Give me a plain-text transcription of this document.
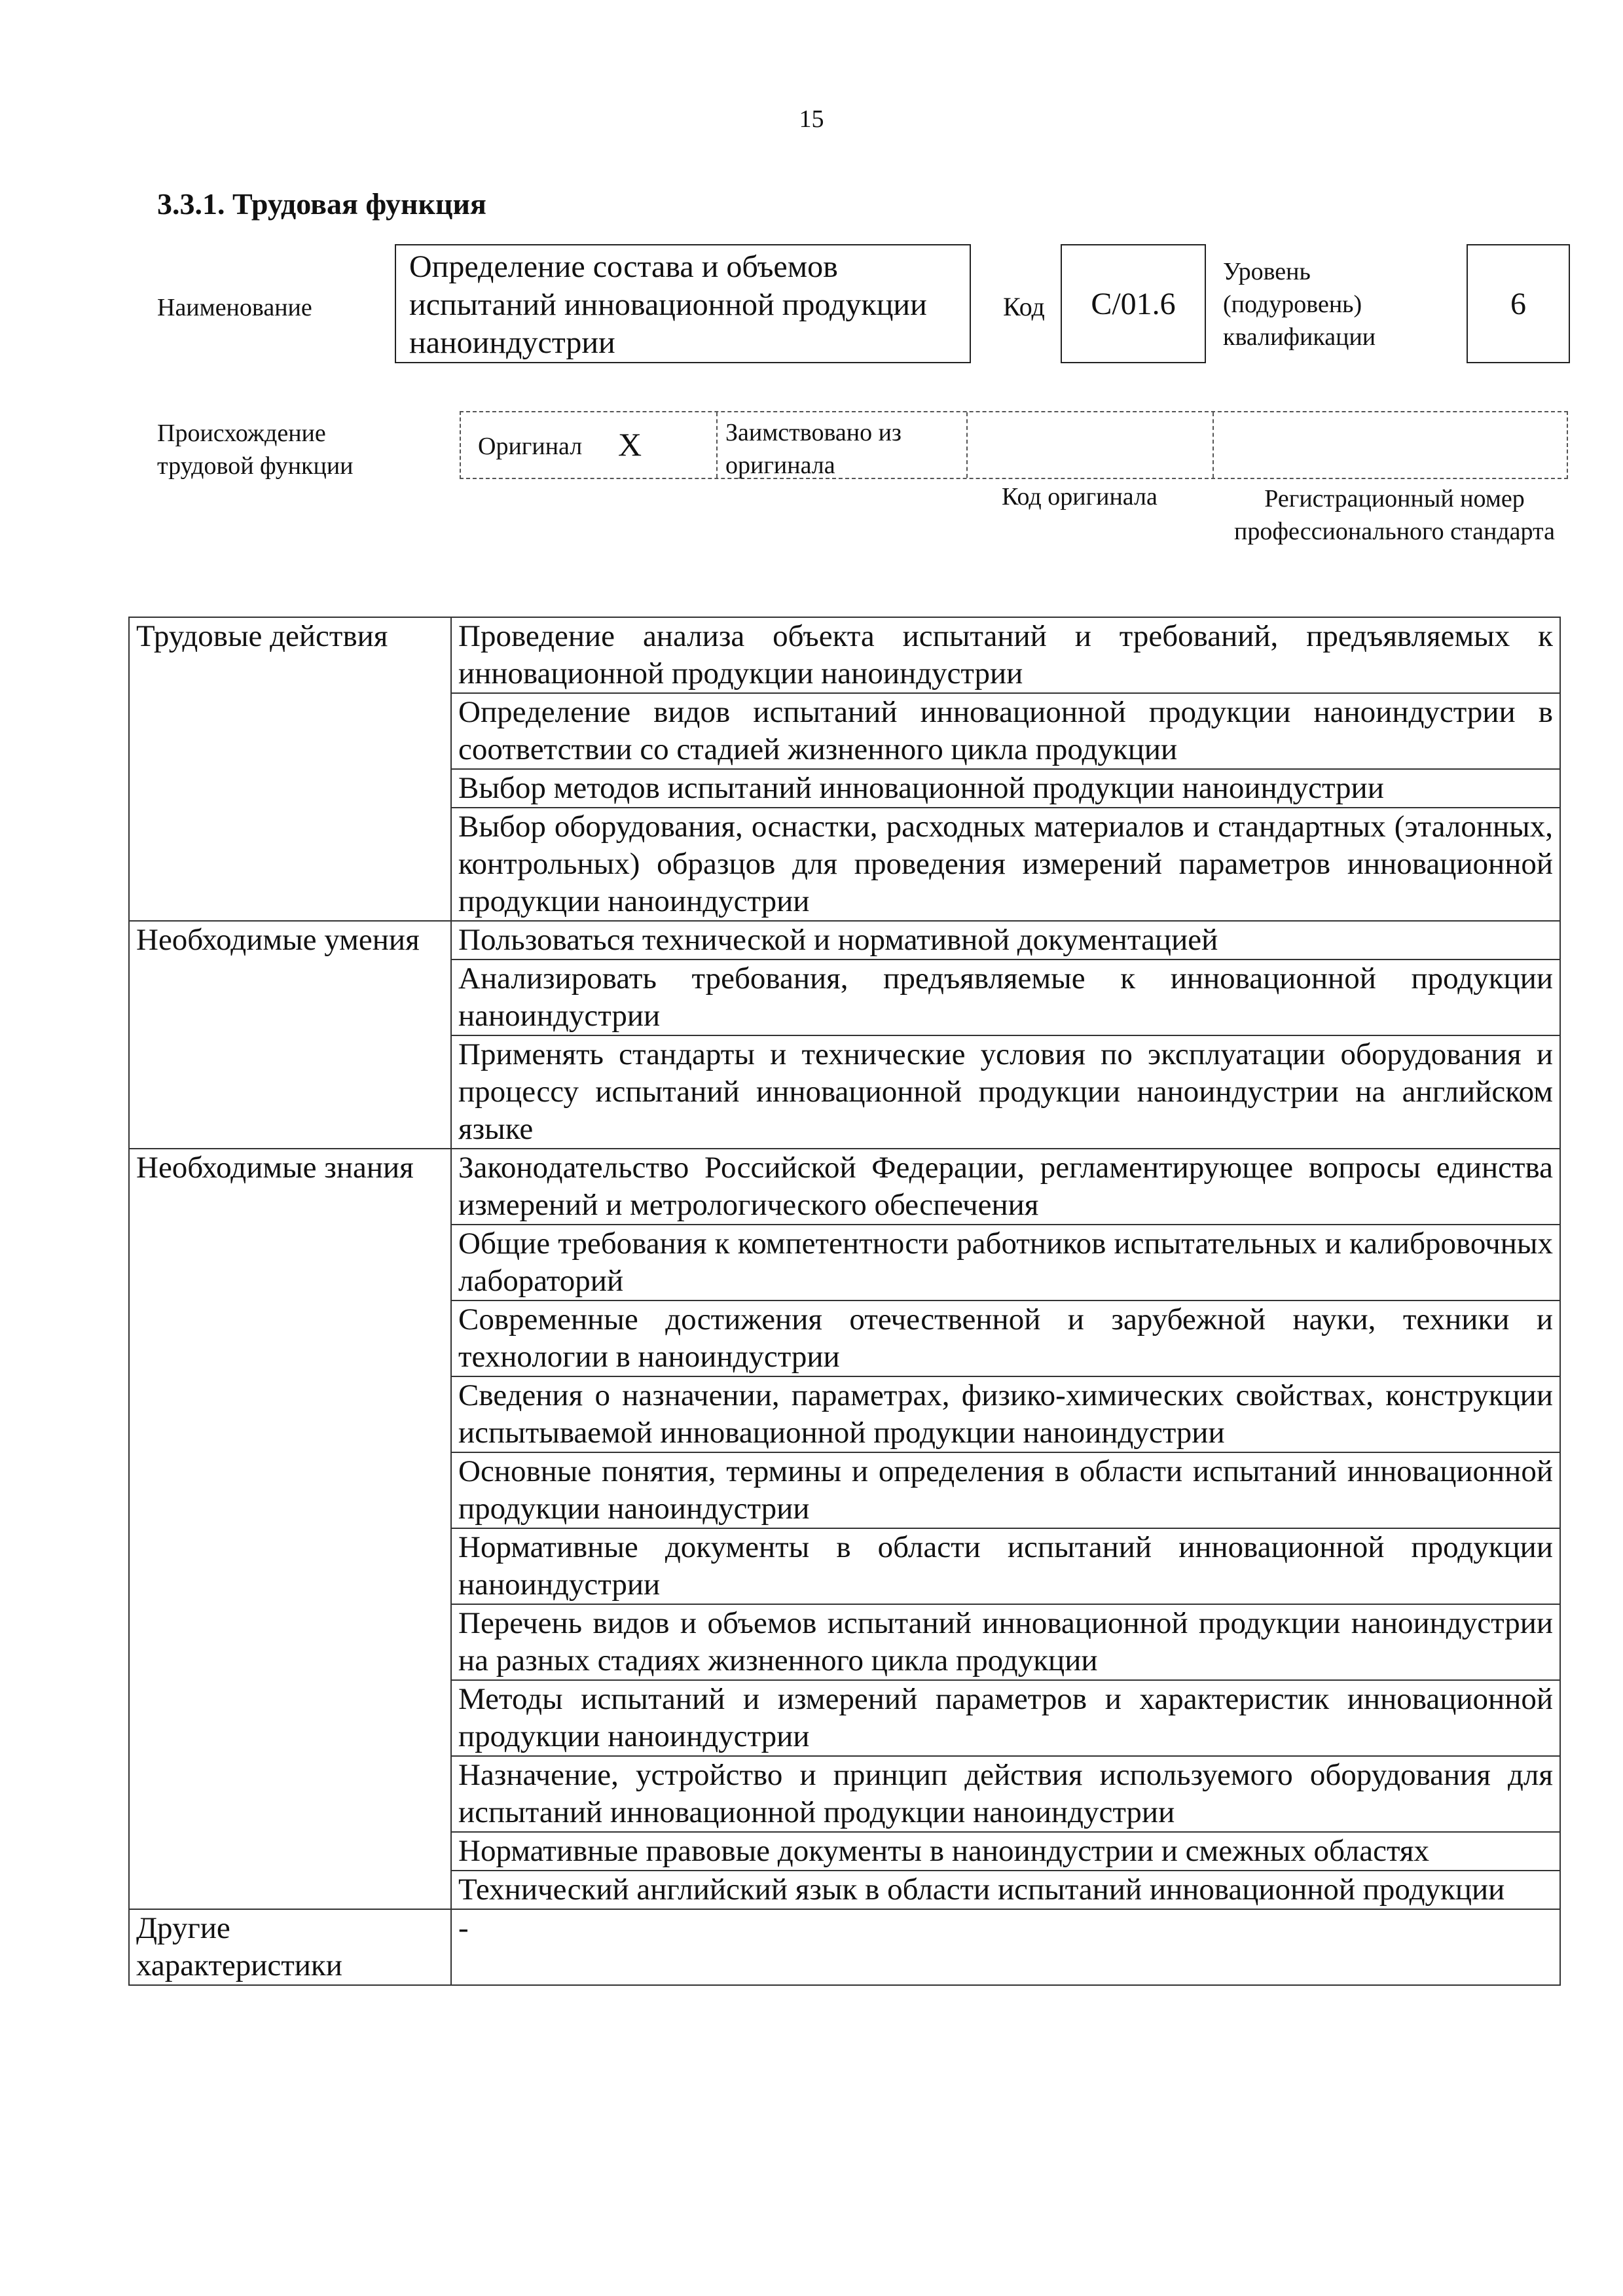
15
3.3.1. Трудовая функция
Наименование
Определение состава и объемов испытаний инновационной продукции наноиндустрии
Код	C/01.6
Уровень (подуровень) квалификации
6
Происхождение трудовой функции
Оригинал X	Заимствовано из оригинала
Код оригинала	Регистрационный номер профессионального стандарта
Трудовые действия	Проведение анализа объекта испытаний и требований, предъявляемых к инновационной продукции наноиндустрии
	Определение видов испытаний инновационной продукции наноиндустрии в соответствии со стадией жизненного цикла продукции
	Выбор методов испытаний инновационной продукции наноиндустрии
	Выбор оборудования, оснастки, расходных материалов и стандартных (эталонных, контрольных) образцов для проведения измерений параметров инновационной продукции наноиндустрии
Необходимые умения	Пользоваться технической и нормативной документацией
	Анализировать требования, предъявляемые к инновационной продукции наноиндустрии
	Применять стандарты и технические условия по эксплуатации оборудования и процессу испытаний инновационной продукции наноиндустрии на английском языке
Необходимые знания	Законодательство Российской Федерации, регламентирующее вопросы единства измерений и метрологического обеспечения
	Общие требования к компетентности работников испытательных и калибровочных лабораторий
	Современные достижения отечественной и зарубежной науки, техники и технологии в наноиндустрии
	Сведения о назначении, параметрах, физико-химических свойствах, конструкции испытываемой инновационной продукции наноиндустрии
	Основные понятия, термины и определения в области испытаний инновационной продукции наноиндустрии
	Нормативные документы в области испытаний инновационной продукции наноиндустрии
	Перечень видов и объемов испытаний инновационной продукции наноиндустрии на разных стадиях жизненного цикла продукции
	Методы испытаний и измерений параметров и характеристик инновационной продукции наноиндустрии
	Назначение, устройство и принцип действия используемого оборудования для испытаний инновационной продукции наноиндустрии
	Нормативные правовые документы в наноиндустрии и смежных областях
	Технический английский язык в области испытаний инновационной продукции
Другие характеристики	-
